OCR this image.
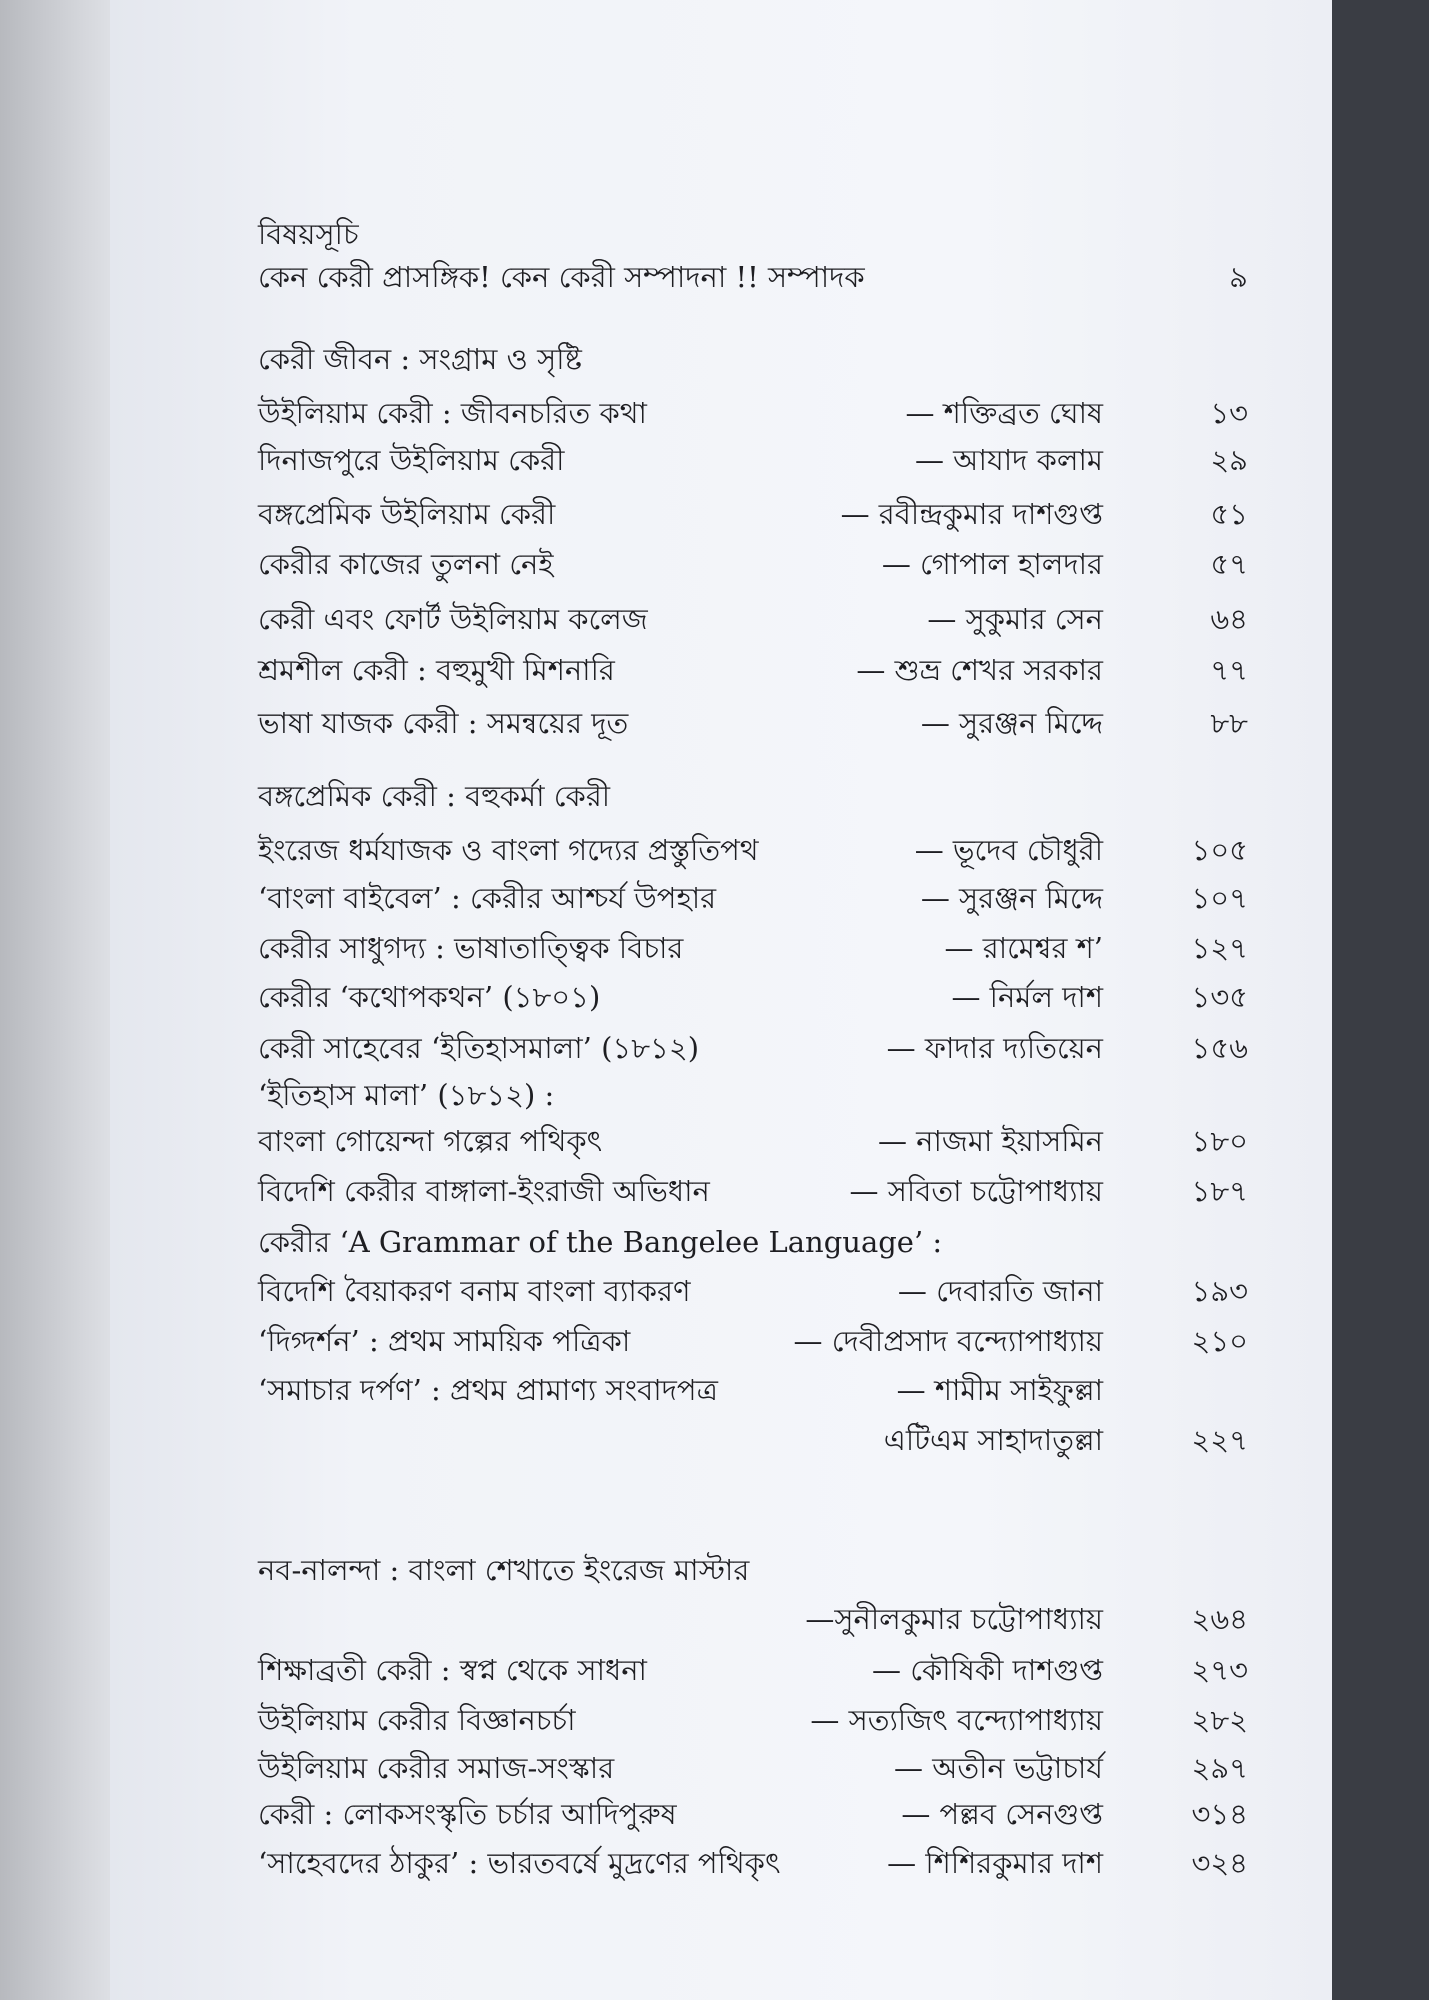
বিষয়সূচি
কেন কেরী প্রাসঙ্গিক! কেন কেরী সম্পাদনা !! সম্পাদক	৯
কেরী জীবন : সংগ্রাম ও সৃষ্টি
উইলিয়াম কেরী : জীবনচরিত কথা	— শক্তিব্রত ঘোষ	১৩
দিনাজপুরে উইলিয়াম কেরী	— আযাদ কলাম	২৯
বঙ্গপ্রেমিক উইলিয়াম কেরী	— রবীন্দ্রকুমার দাশগুপ্ত	৫১
কেরীর কাজের তুলনা নেই	— গোপাল হালদার	৫৭
কেরী এবং ফোর্ট উইলিয়াম কলেজ	— সুকুমার সেন	৬৪
শ্রমশীল কেরী : বহুমুখী মিশনারি	— শুভ্র শেখর সরকার	৭৭
ভাষা যাজক কেরী : সমন্বয়ের দূত	— সুরঞ্জন মিদ্দে	৮৮
বঙ্গপ্রেমিক কেরী : বহুকর্মা কেরী
ইংরেজ ধর্মযাজক ও বাংলা গদ্যের প্রস্তুতিপথ	— ভূদেব চৌধুরী	১০৫
‘বাংলা বাইবেল’ : কেরীর আশ্চর্য উপহার	— সুরঞ্জন মিদ্দে	১০৭
কেরীর সাধুগদ্য : ভাষাতাত্ত্বিক বিচার	— রামেশ্বর শ’	১২৭
কেরীর ‘কথোপকথন’ (১৮০১)	— নির্মল দাশ	১৩৫
কেরী সাহেবের ‘ইতিহাসমালা’ (১৮১২)	— ফাদার দ্যতিয়েন	১৫৬
‘ইতিহাস মালা’ (১৮১২) :
বাংলা গোয়েন্দা গল্পের পথিকৃৎ	— নাজমা ইয়াসমিন	১৮০
বিদেশি কেরীর বাঙ্গালা-ইংরাজী অভিধান	— সবিতা চট্টোপাধ্যায়	১৮৭
কেরীর ‘A Grammar of the Bangelee Language’ :
বিদেশি বৈয়াকরণ বনাম বাংলা ব্যাকরণ	— দেবারতি জানা	১৯৩
‘দিগ্দর্শন’ : প্রথম সাময়িক পত্রিকা	— দেবীপ্রসাদ বন্দ্যোপাধ্যায়	২১০
‘সমাচার দর্পণ’ : প্রথম প্রামাণ্য সংবাদপত্র	— শামীম সাইফুল্লা
এটিএম সাহাদাতুল্লা	২২৭
নব-নালন্দা : বাংলা শেখাতে ইংরেজ মাস্টার
—সুনীলকুমার চট্টোপাধ্যায়	২৬৪
শিক্ষাব্রতী কেরী : স্বপ্ন থেকে সাধনা	— কৌষিকী দাশগুপ্ত	২৭৩
উইলিয়াম কেরীর বিজ্ঞানচর্চা	— সত্যজিৎ বন্দ্যোপাধ্যায়	২৮২
উইলিয়াম কেরীর সমাজ-সংস্কার	— অতীন ভট্টাচার্য	২৯৭
কেরী : লোকসংস্কৃতি চর্চার আদিপুরুষ	— পল্লব সেনগুপ্ত	৩১৪
‘সাহেবদের ঠাকুর’ : ভারতবর্ষে মুদ্রণের পথিকৃৎ	— শিশিরকুমার দাশ	৩২৪
